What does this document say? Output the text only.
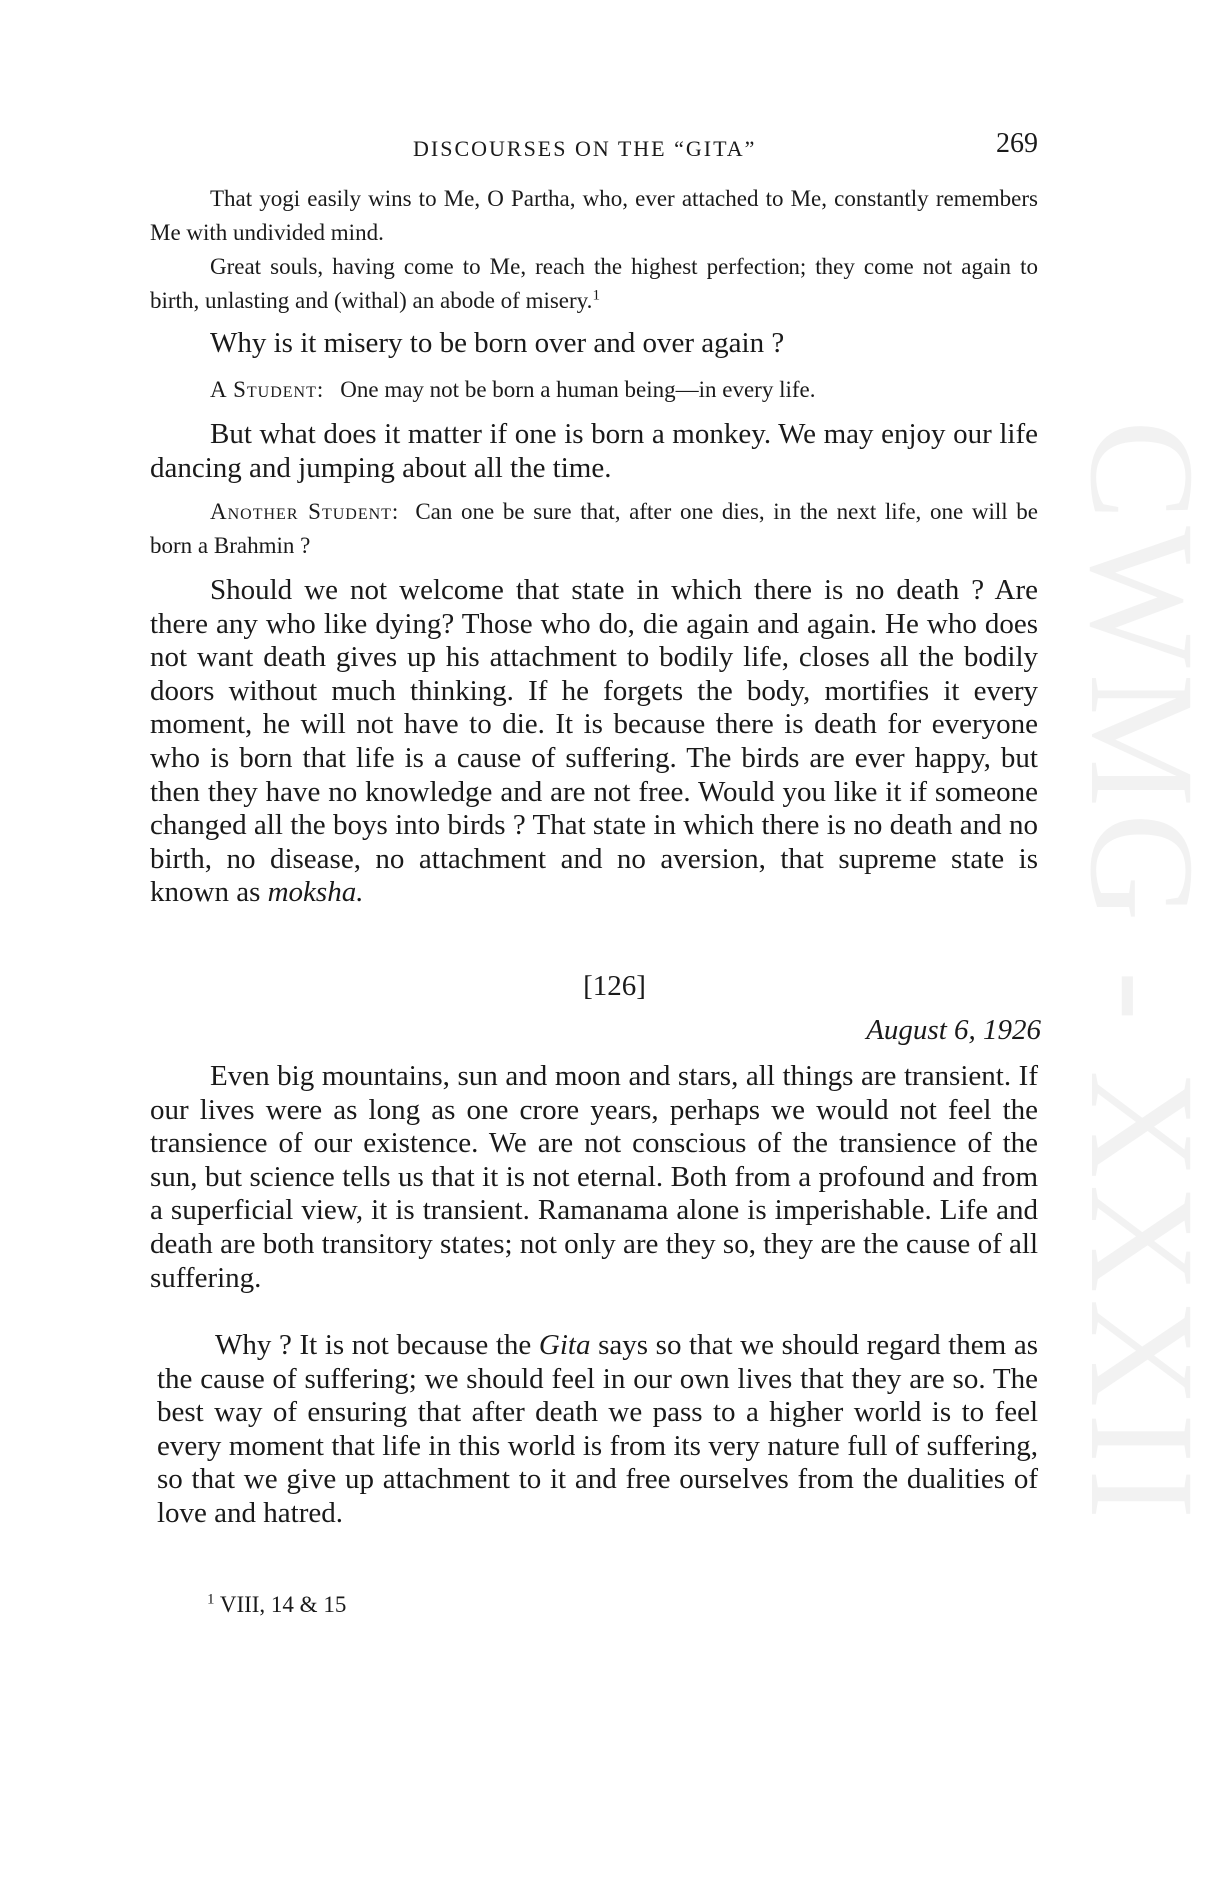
CWMG - XXXII
DISCOURSES ON THE “GITA”	269

That yogi easily wins to Me, O Partha, who, ever attached to Me, constantly remembers Me with undivided mind.

Great souls, having come to Me, reach the highest perfection; they come not again to birth, unlasting and (withal) an abode of misery.$^1$

Why is it misery to be born over and over again ?

A Student: One may not be born a human being—in every life.

But what does it matter if one is born a monkey. We may enjoy our life dancing and jumping about all the time.

Another Student: Can one be sure that, after one dies, in the next life, one will be born a Brahmin ?

Should we not welcome that state in which there is no death ? Are there any who like dying? Those who do, die again and again. He who does not want death gives up his attachment to bodily life, closes all the bodily doors without much thinking. If he forgets the body, mortifies it every moment, he will not have to die. It is because there is death for everyone who is born that life is a cause of suffering. The birds are ever happy, but then they have no knowledge and are not free. Would you like it if someone changed all the boys into birds ? That state in which there is no death and no birth, no disease, no attachment and no aversion, that supreme state is known as moksha.

[126]
August 6, 1926

Even big mountains, sun and moon and stars, all things are transient. If our lives were as long as one crore years, perhaps we would not feel the transience of our existence. We are not conscious of the transience of the sun, but science tells us that it is not eternal. Both from a profound and from a superficial view, it is transient. Ramanama alone is imperishable. Life and death are both transitory states; not only are they so, they are the cause of all suffering.

Why ? It is not because the Gita says so that we should regard them as the cause of suffering; we should feel in our own lives that they are so. The best way of ensuring that after death we pass to a higher world is to feel every moment that life in this world is from its very nature full of suffering, so that we give up attachment to it and free ourselves from the dualities of love and hatred.

$^1$ VIII, 14 & 15
